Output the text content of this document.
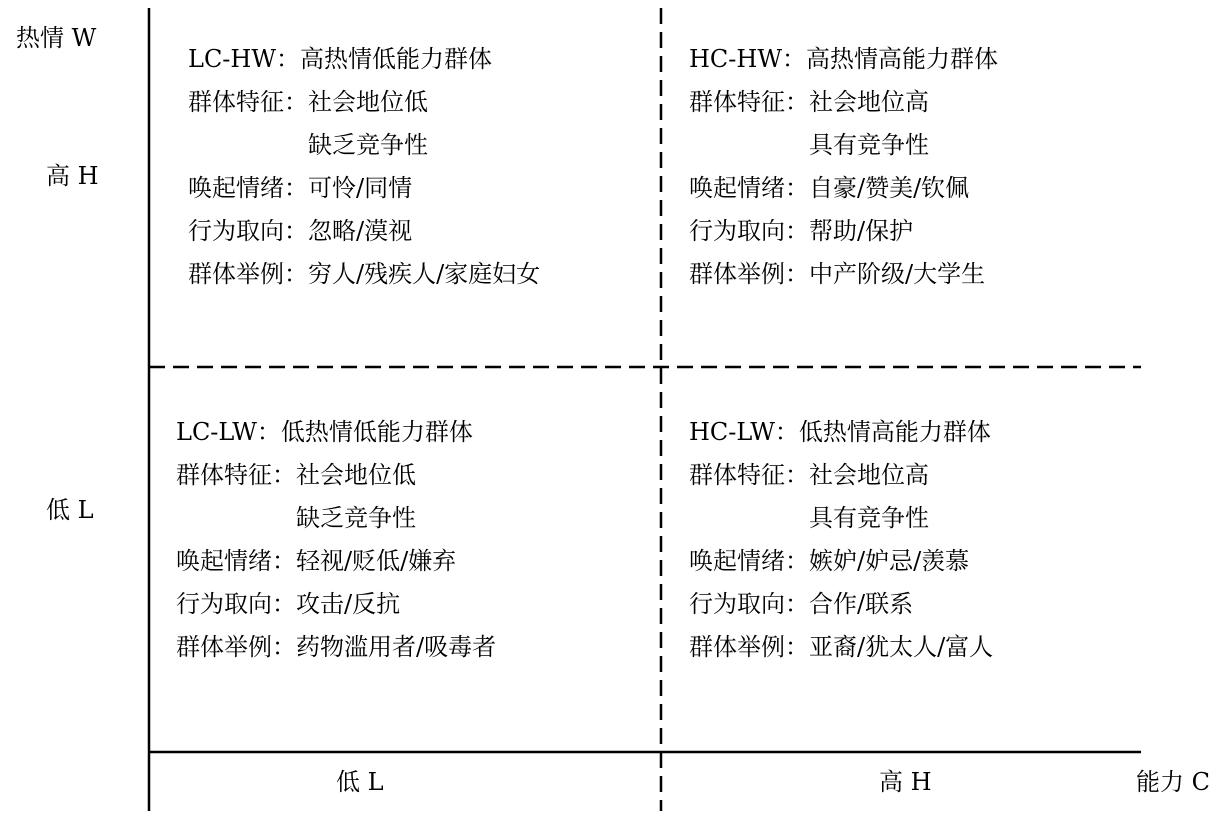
热情 W
高 H
低 L
低 L	高 H	能力 C
LC-HW：高热情低能力群体
群体特征： 社会地位低
缺乏竞争性
唤起情绪： 可怜/同情
行为取向： 忽略/漠视
群体举例： 穷人/残疾人/家庭妇女
HC-HW：高热情高能力群体
群体特征： 社会地位高
具有竞争性
唤起情绪： 自豪/赞美/钦佩
行为取向： 帮助/保护
群体举例： 中产阶级/大学生
LC-LW：低热情低能力群体
群体特征： 社会地位低
缺乏竞争性
唤起情绪： 轻视/贬低/嫌弃
行为取向： 攻击/反抗
群体举例： 药物滥用者/吸毒者
HC-LW：低热情高能力群体
群体特征： 社会地位高
具有竞争性
唤起情绪： 嫉妒/妒忌/羡慕
行为取向： 合作/联系
群体举例： 亚裔/犹太人/富人
